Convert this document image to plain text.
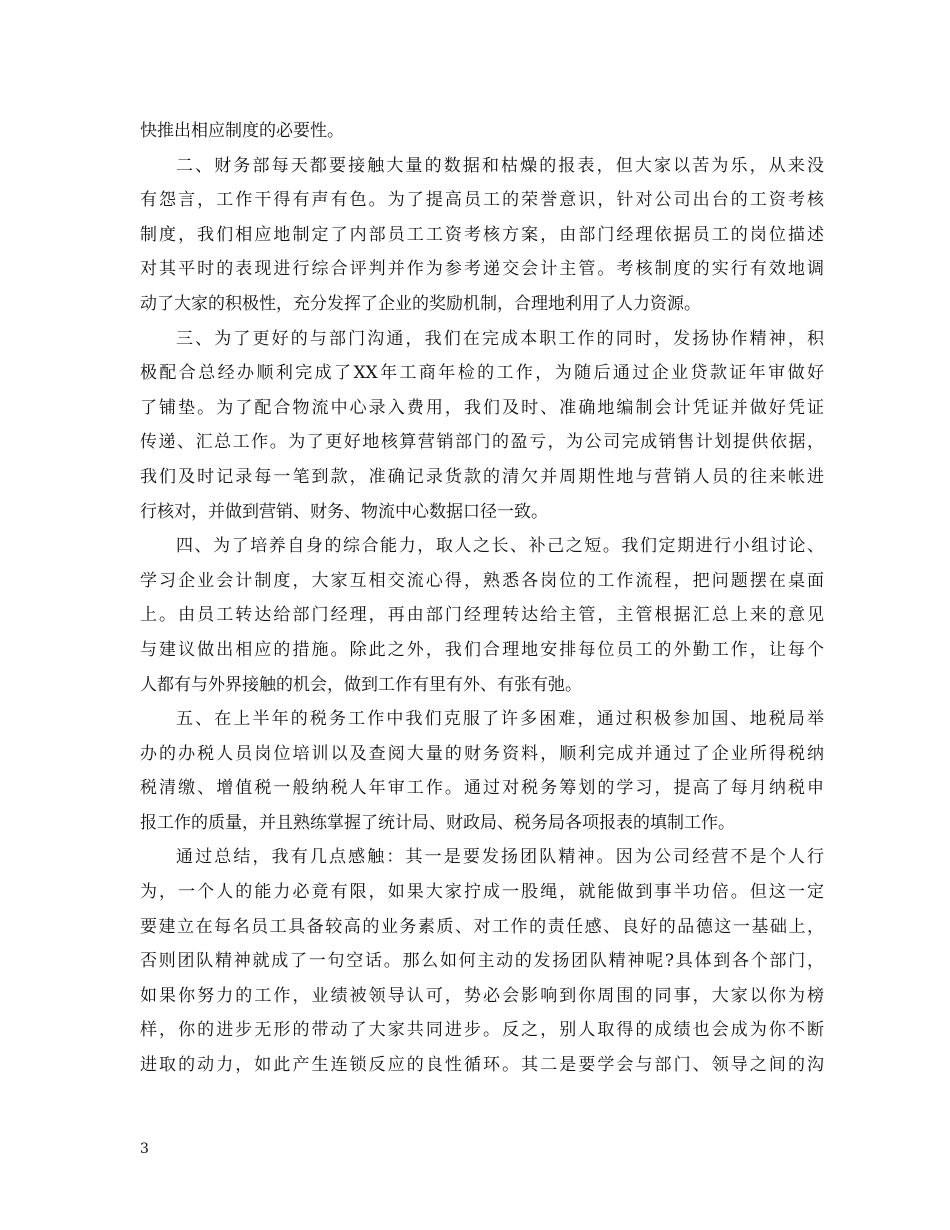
快推出相应制度的必要性。
二、财务部每天都要接触大量的数据和枯燥的报表，但大家以苦为乐，从来没
有怨言，工作干得有声有色。为了提高员工的荣誉意识，针对公司出台的工资考核
制度，我们相应地制定了内部员工工资考核方案，由部门经理依据员工的岗位描述
对其平时的表现进行综合评判并作为参考递交会计主管。考核制度的实行有效地调
动了大家的积极性，充分发挥了企业的奖励机制，合理地利用了人力资源。
三、为了更好的与部门沟通，我们在完成本职工作的同时，发扬协作精神，积
极配合总经办顺利完成了XX年工商年检的工作，为随后通过企业贷款证年审做好
了铺垫。为了配合物流中心录入费用，我们及时、准确地编制会计凭证并做好凭证
传递、汇总工作。为了更好地核算营销部门的盈亏，为公司完成销售计划提供依据，
我们及时记录每一笔到款，准确记录货款的清欠并周期性地与营销人员的往来帐进
行核对，并做到营销、财务、物流中心数据口径一致。
四、为了培养自身的综合能力，取人之长、补己之短。我们定期进行小组讨论、
学习企业会计制度，大家互相交流心得，熟悉各岗位的工作流程，把问题摆在桌面
上。由员工转达给部门经理，再由部门经理转达给主管，主管根据汇总上来的意见
与建议做出相应的措施。除此之外，我们合理地安排每位员工的外勤工作，让每个
人都有与外界接触的机会，做到工作有里有外、有张有弛。
五、在上半年的税务工作中我们克服了许多困难，通过积极参加国、地税局举
办的办税人员岗位培训以及查阅大量的财务资料，顺利完成并通过了企业所得税纳
税清缴、增值税一般纳税人年审工作。通过对税务筹划的学习，提高了每月纳税申
报工作的质量，并且熟练掌握了统计局、财政局、税务局各项报表的填制工作。
通过总结，我有几点感触：其一是要发扬团队精神。因为公司经营不是个人行
为，一个人的能力必竟有限，如果大家拧成一股绳，就能做到事半功倍。但这一定
要建立在每名员工具备较高的业务素质、对工作的责任感、良好的品德这一基础上，
否则团队精神就成了一句空话。那么如何主动的发扬团队精神呢?具体到各个部门，
如果你努力的工作，业绩被领导认可，势必会影响到你周围的同事，大家以你为榜
样，你的进步无形的带动了大家共同进步。反之，别人取得的成绩也会成为你不断
进取的动力，如此产生连锁反应的良性循环。其二是要学会与部门、领导之间的沟
3
